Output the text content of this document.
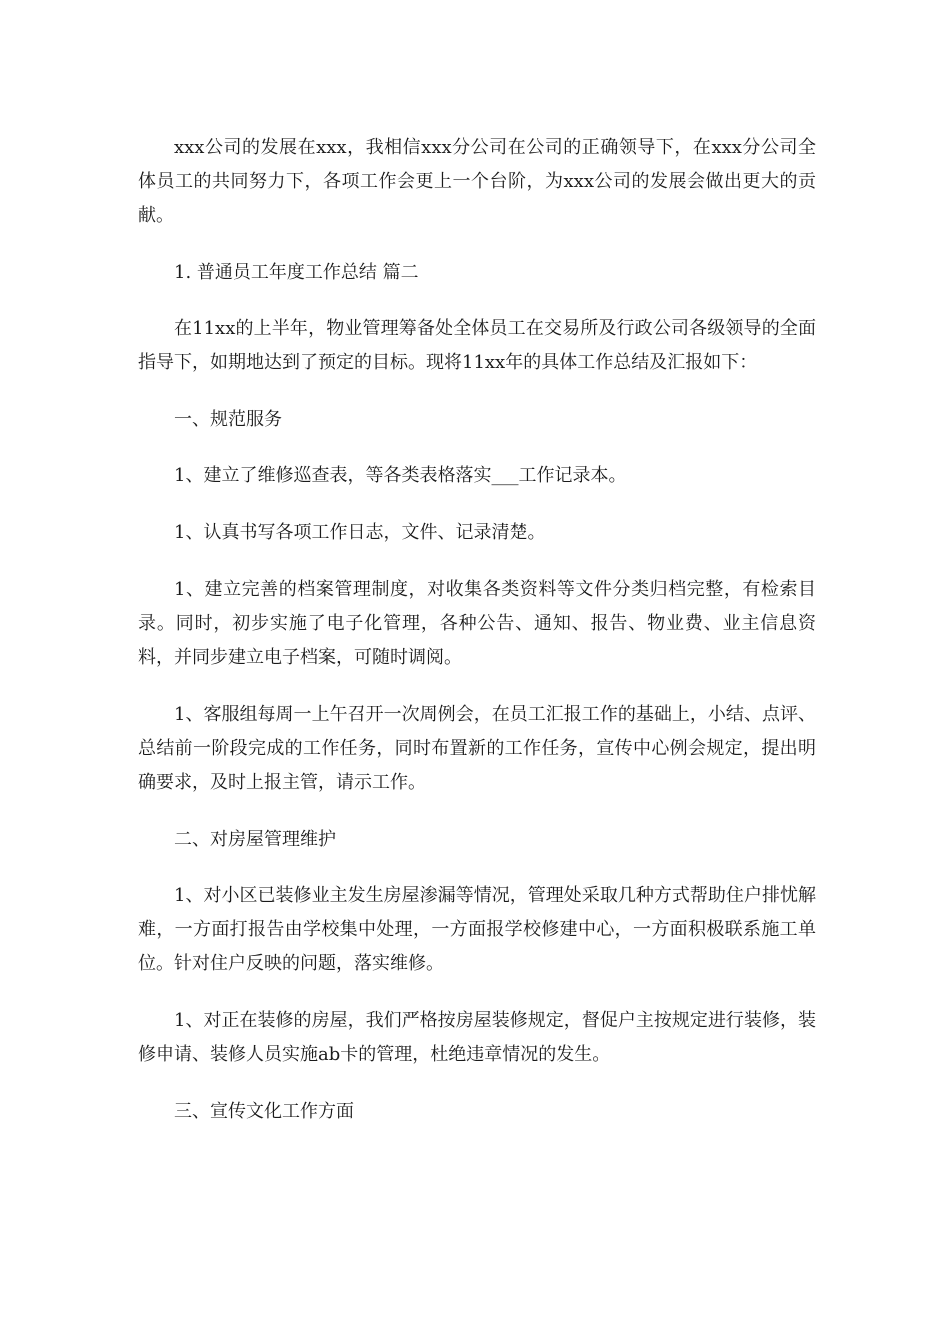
xxx公司的发展在xxx，我相信xxx分公司在公司的正确领导下，在xxx分公司全体员工的共同努力下，各项工作会更上一个台阶，为xxx公司的发展会做出更大的贡献。

1. 普通员工年度工作总结 篇二

在11xx的上半年，物业管理筹备处全体员工在交易所及行政公司各级领导的全面指导下，如期地达到了预定的目标。现将11xx年的具体工作总结及汇报如下：

一、规范服务

1、建立了维修巡查表，等各类表格落实___工作记录本。

1、认真书写各项工作日志，文件、记录清楚。

1、建立完善的档案管理制度，对收集各类资料等文件分类归档完整，有检索目录。同时，初步实施了电子化管理，各种公告、通知、报告、物业费、业主信息资料，并同步建立电子档案，可随时调阅。

1、客服组每周一上午召开一次周例会，在员工汇报工作的基础上，小结、点评、总结前一阶段完成的工作任务，同时布置新的工作任务，宣传中心例会规定，提出明确要求，及时上报主管，请示工作。

二、对房屋管理维护

1、对小区已装修业主发生房屋渗漏等情况，管理处采取几种方式帮助住户排忧解难，一方面打报告由学校集中处理，一方面报学校修建中心，一方面积极联系施工单位。针对住户反映的问题，落实维修。

1、对正在装修的房屋，我们严格按房屋装修规定，督促户主按规定进行装修，装修申请、装修人员实施ab卡的管理，杜绝违章情况的发生。

三、宣传文化工作方面
